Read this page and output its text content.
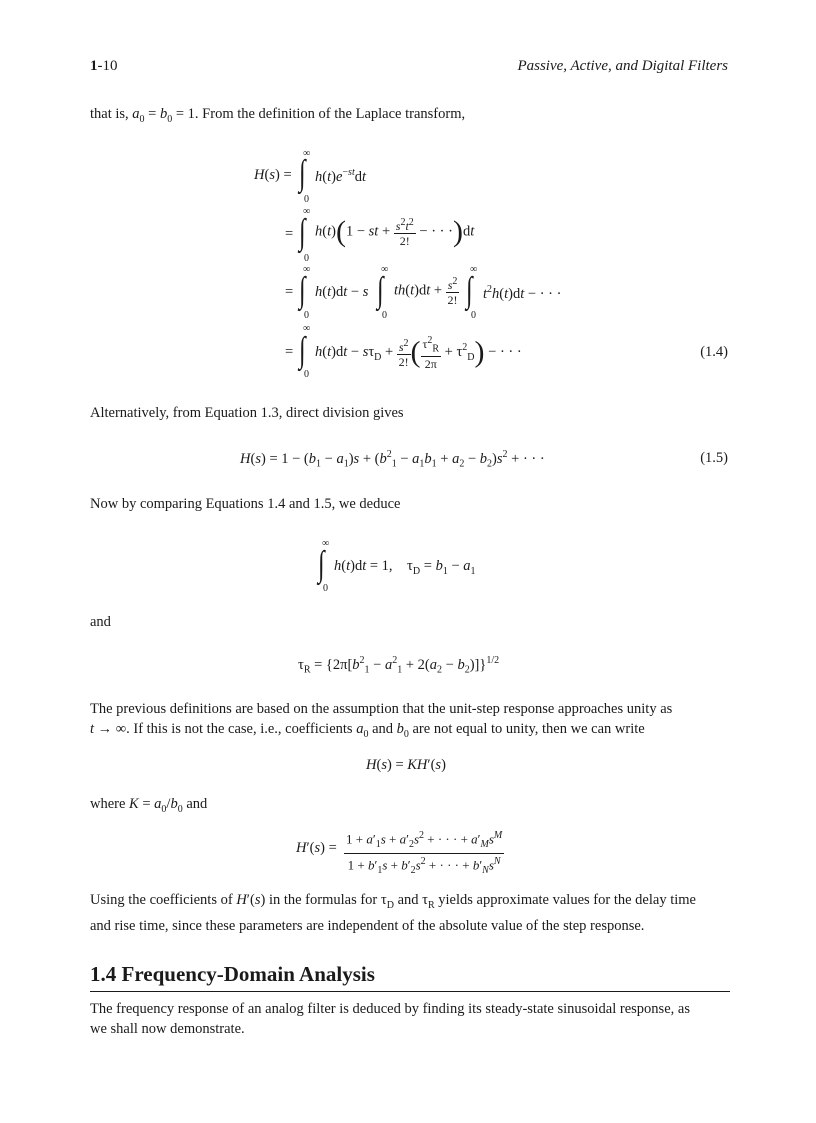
1-10	Passive, Active, and Digital Filters
that is, $a_0 = b_0 = 1$. From the definition of the Laplace transform,
H(s) =
∞
∫
0
$h(t)e^{-st}dt$
=
∞
∫
0
h(t)(1 − st + $\frac{s^2t^2}{2!}$ − · · ·)dt
=
∞
∫
0
h(t)dt − s
∞
∫
0
$th(t)dt + \frac{s^2}{2!}$
∞
∫
0
$t^2h(t)dt$ − · · ·
=
∞
∫
0
$h(t)dt - s\tau_D + \frac{s^2}{2!}$ ( $\frac{\tau^2_R}{2\pi} + \tau^2_D$) − · · ·	(1.4)
Alternatively, from Equation 1.3, direct division gives
$H(s) = 1 - (b_1 - a_1)s + (b^2_1 - a_1b_1 + a_2 - b_2)s^2$ + · · ·	(1.5)
Now by comparing Equations 1.4 and 1.5, we deduce
∞
∫
0
h(t)dt = 1,    $\tau_D = b_1 - a_1$
and
$\tau_R = \{2\pi[b^2_1 - a^2_1 + 2(a_2 - b_2)]\}^{1/2}$
The previous definitions are based on the assumption that the unit-step response approaches unity as
t → ∞. If this is not the case, i.e., coefficients $a_0$ and $b_0$ are not equal to unity, then we can write
H(s) = KH′(s)
where $K = a_0/b_0$ and
$H'(s) = \frac{1 + a'_1s + a'_2s^2 + \cdot \cdot \cdot + a'_Ms^M}{1 + b'_1s + b'_2s^2 + \cdot \cdot \cdot + b'_Ns^N}$
Using the coefficients of H′(s) in the formulas for $\tau_D$ and $\tau_R$ yields approximate values for the delay time
and rise time, since these parameters are independent of the absolute value of the step response.
1.4 Frequency-Domain Analysis
The frequency response of an analog filter is deduced by finding its steady-state sinusoidal response, as
we shall now demonstrate.
